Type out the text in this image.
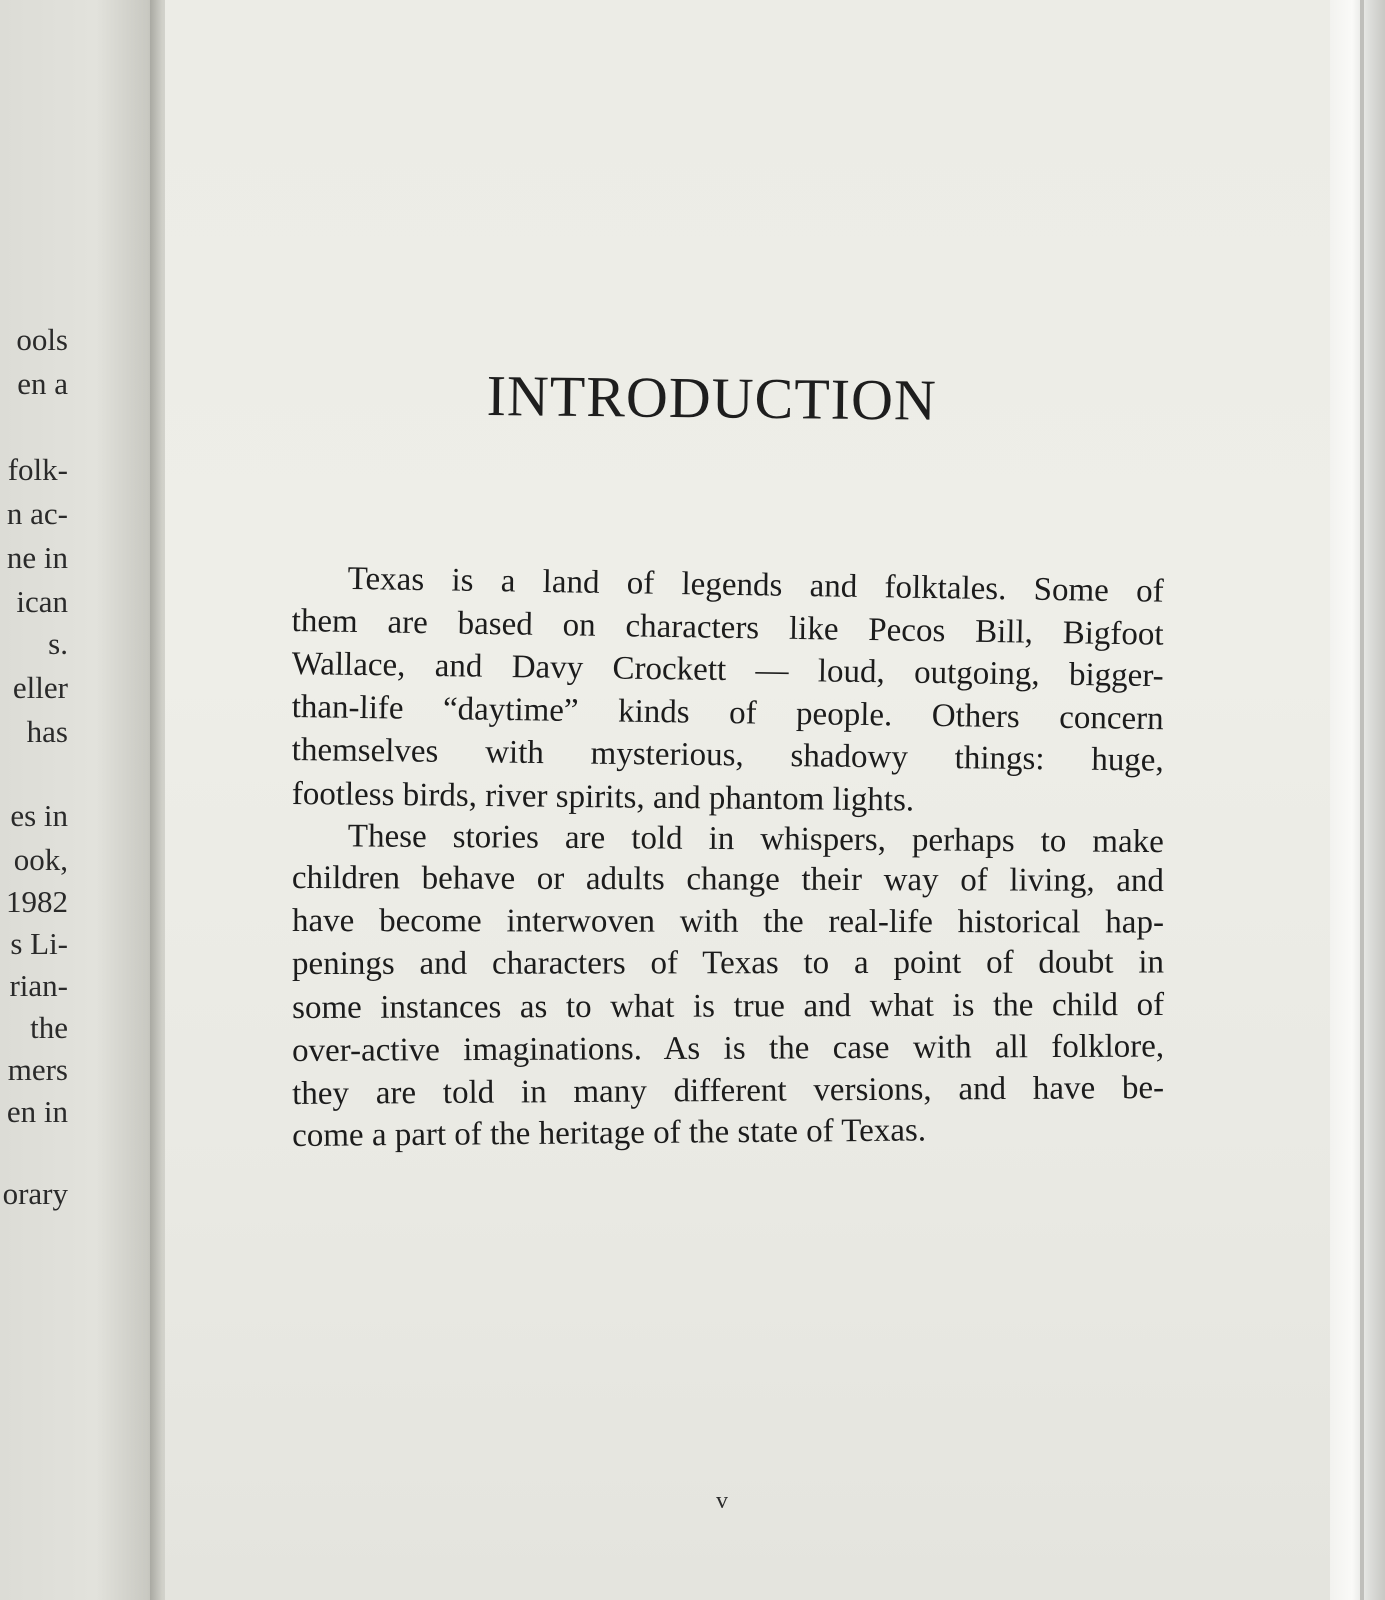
ools
en a
folk-
n ac-
ne in
ican
s.
eller
has
es in
ook,
1982
s Li-
rian-
the
mers
en in
orary
INTRODUCTION
Texas is a land of legends and folktales. Some of
them are based on characters like Pecos Bill, Bigfoot
Wallace, and Davy Crockett — loud, outgoing, bigger-
than-life “daytime” kinds of people. Others concern
themselves with mysterious, shadowy things: huge,
footless birds, river spirits, and phantom lights.
These stories are told in whispers, perhaps to make
children behave or adults change their way of living, and
have become interwoven with the real-life historical hap-
penings and characters of Texas to a point of doubt in
some instances as to what is true and what is the child of
over-active imaginations. As is the case with all folklore,
they are told in many different versions, and have be-
come a part of the heritage of the state of Texas.
v
